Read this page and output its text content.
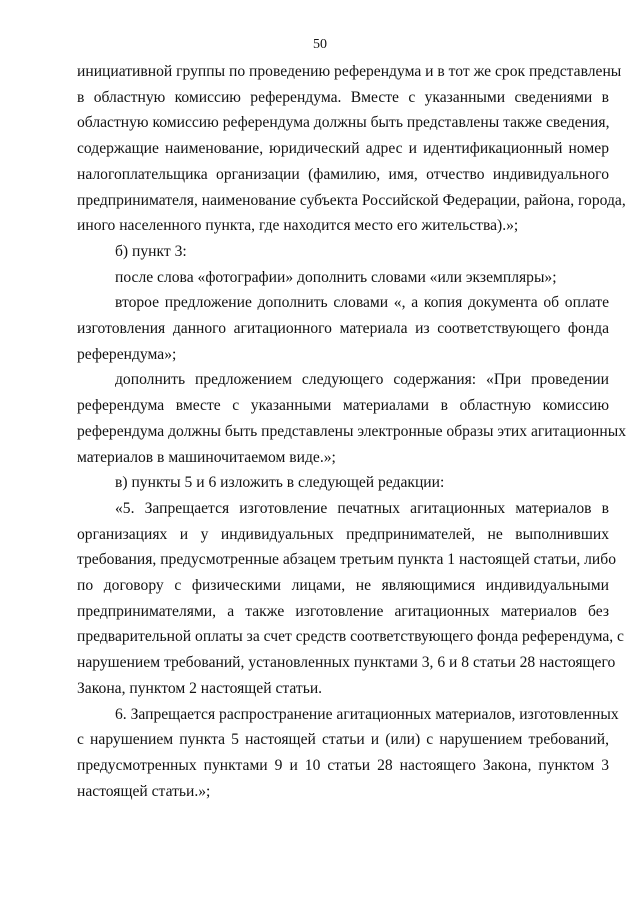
50
инициативной группы по проведению референдума и в тот же срок представлены
в областную комиссию референдума. Вместе с указанными сведениями в
областную комиссию референдума должны быть представлены также сведения,
содержащие наименование, юридический адрес и идентификационный номер
налогоплательщика организации (фамилию, имя, отчество индивидуального
предпринимателя, наименование субъекта Российской Федерации, района, города,
иного населенного пункта, где находится место его жительства).»;
б) пункт 3:
после слова «фотографии» дополнить словами «или экземпляры»;
второе предложение дополнить словами «, а копия документа об оплате
изготовления данного агитационного материала из соответствующего фонда
референдума»;
дополнить предложением следующего содержания: «При проведении
референдума вместе с указанными материалами в областную комиссию
референдума должны быть представлены электронные образы этих агитационных
материалов в машиночитаемом виде.»;
в) пункты 5 и 6 изложить в следующей редакции:
«5. Запрещается изготовление печатных агитационных материалов в
организациях и у индивидуальных предпринимателей, не выполнивших
требования, предусмотренные абзацем третьим пункта 1 настоящей статьи, либо
по договору с физическими лицами, не являющимися индивидуальными
предпринимателями, а также изготовление агитационных материалов без
предварительной оплаты за счет средств соответствующего фонда референдума, с
нарушением требований, установленных пунктами 3, 6 и 8 статьи 28 настоящего
Закона, пунктом 2 настоящей статьи.
6. Запрещается распространение агитационных материалов, изготовленных
с нарушением пункта 5 настоящей статьи и (или) с нарушением требований,
предусмотренных пунктами 9 и 10 статьи 28 настоящего Закона, пунктом 3
настоящей статьи.»;
